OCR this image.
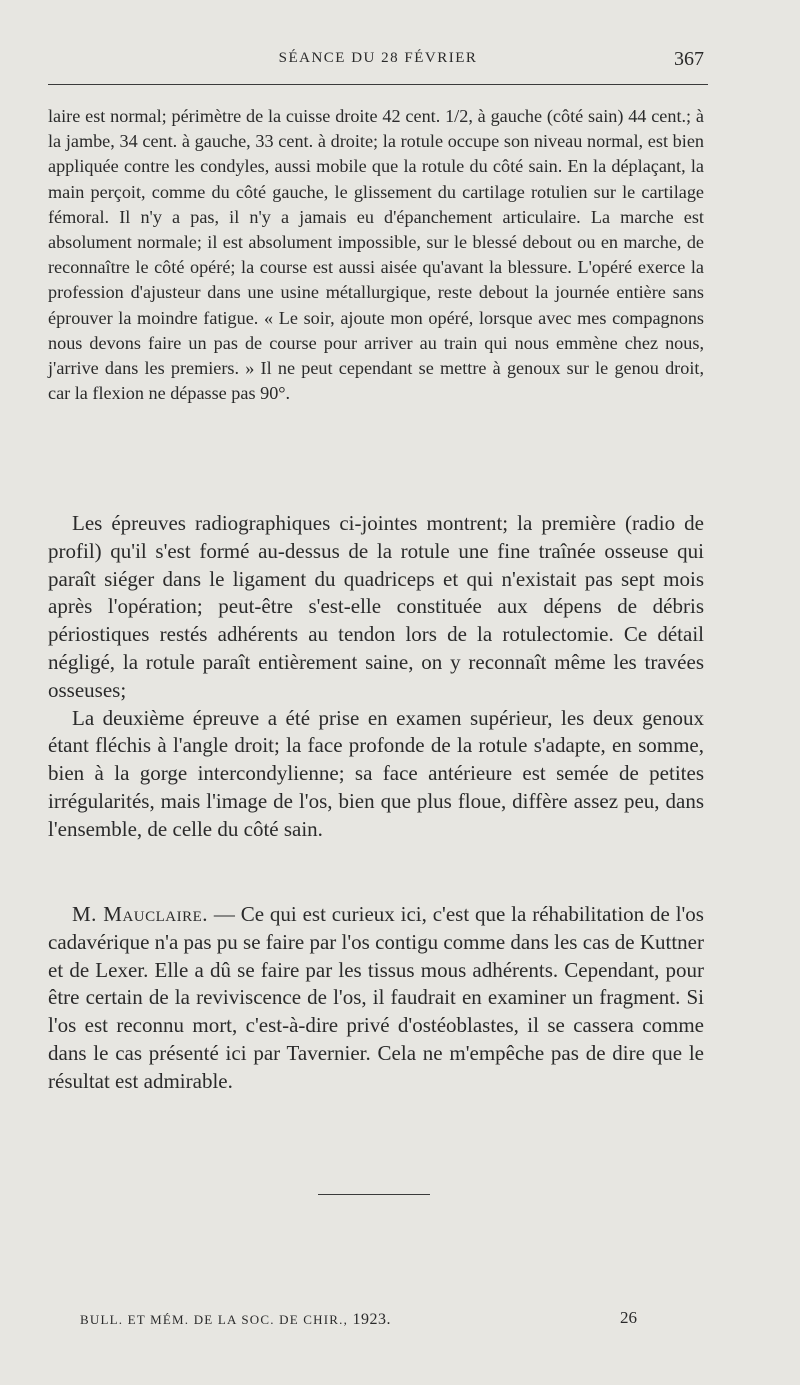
SÉANCE DU 28 FÉVRIER	367

laire est normal; périmètre de la cuisse droite 42 cent. 1/2, à gauche (côté sain) 44 cent.; à la jambe, 34 cent. à gauche, 33 cent. à droite; la rotule occupe son niveau normal, est bien appliquée contre les condyles, aussi mobile que la rotule du côté sain. En la déplaçant, la main perçoit, comme du côté gauche, le glissement du cartilage rotulien sur le cartilage fémoral. Il n'y a pas, il n'y a jamais eu d'épanchement articulaire. La marche est absolument normale; il est absolument impossible, sur le blessé debout ou en marche, de reconnaître le côté opéré; la course est aussi aisée qu'avant la blessure. L'opéré exerce la profession d'ajusteur dans une usine métallurgique, reste debout la journée entière sans éprouver la moindre fatigue. « Le soir, ajoute mon opéré, lorsque avec mes compagnons nous devons faire un pas de course pour arriver au train qui nous emmène chez nous, j'arrive dans les premiers. » Il ne peut cependant se mettre à genoux sur le genou droit, car la flexion ne dépasse pas 90°.

Les épreuves radiographiques ci-jointes montrent; la première (radio de profil) qu'il s'est formé au-dessus de la rotule une fine traînée osseuse qui paraît siéger dans le ligament du quadriceps et qui n'existait pas sept mois après l'opération; peut-être s'est-elle constituée aux dépens de débris périostiques restés adhérents au tendon lors de la rotulectomie. Ce détail négligé, la rotule paraît entièrement saine, on y reconnaît même les travées osseuses;

La deuxième épreuve a été prise en examen supérieur, les deux genoux étant fléchis à l'angle droit; la face profonde de la rotule s'adapte, en somme, bien à la gorge intercondylienne; sa face antérieure est semée de petites irrégularités, mais l'image de l'os, bien que plus floue, diffère assez peu, dans l'ensemble, de celle du côté sain.

M. Mauclaire. — Ce qui est curieux ici, c'est que la réhabilitation de l'os cadavérique n'a pas pu se faire par l'os contigu comme dans les cas de Kuttner et de Lexer. Elle a dû se faire par les tissus mous adhérents. Cependant, pour être certain de la reviviscence de l'os, il faudrait en examiner un fragment. Si l'os est reconnu mort, c'est-à-dire privé d'ostéoblastes, il se cassera comme dans le cas présenté ici par Tavernier. Cela ne m'empêche pas de dire que le résultat est admirable.

BULL. ET MÉM. DE LA SOC. DE CHIR., 1923.	26
